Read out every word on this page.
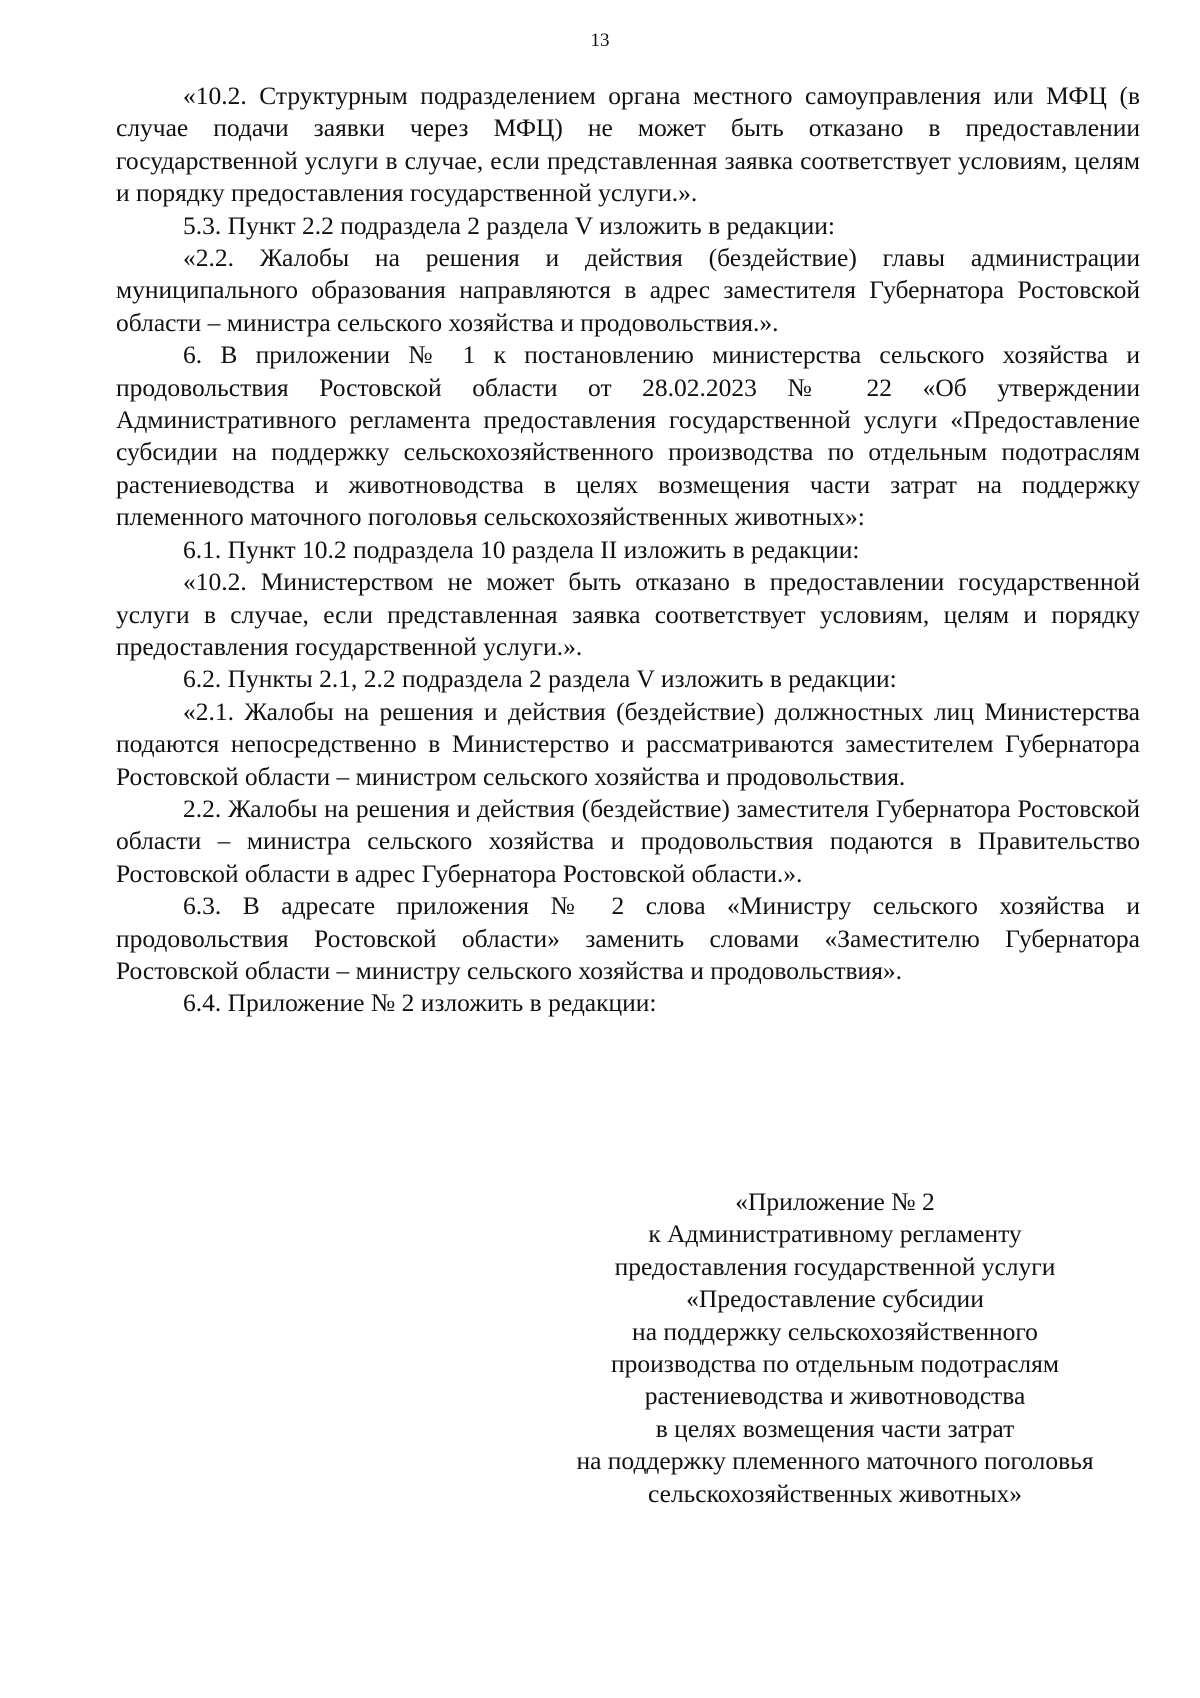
13

«10.2. Структурным подразделением органа местного самоуправления или МФЦ (в случае подачи заявки через МФЦ) не может быть отказано в предоставлении государственной услуги в случае, если представленная заявка соответствует условиям, целям и порядку предоставления государственной услуги.».

5.3. Пункт 2.2 подраздела 2 раздела V изложить в редакции:

«2.2. Жалобы на решения и действия (бездействие) главы администрации муниципального образования направляются в адрес заместителя Губернатора Ростовской области – министра сельского хозяйства и продовольствия.».

6. В приложении № 1 к постановлению министерства сельского хозяйства и продовольствия Ростовской области от 28.02.2023 № 22 «Об утверждении Административного регламента предоставления государственной услуги «Предоставление субсидии на поддержку сельскохозяйственного производства по отдельным подотраслям растениеводства и животноводства в целях возмещения части затрат на поддержку племенного маточного поголовья сельскохозяйственных животных»:

6.1. Пункт 10.2 подраздела 10 раздела II изложить в редакции:

«10.2. Министерством не может быть отказано в предоставлении государственной услуги в случае, если представленная заявка соответствует условиям, целям и порядку предоставления государственной услуги.».

6.2. Пункты 2.1, 2.2 подраздела 2 раздела V изложить в редакции:

«2.1. Жалобы на решения и действия (бездействие) должностных лиц Министерства подаются непосредственно в Министерство и рассматриваются заместителем Губернатора Ростовской области – министром сельского хозяйства и продовольствия.

2.2. Жалобы на решения и действия (бездействие) заместителя Губернатора Ростовской области – министра сельского хозяйства и продовольствия подаются в Правительство Ростовской области в адрес Губернатора Ростовской области.».

6.3. В адресате приложения № 2 слова «Министру сельского хозяйства и продовольствия Ростовской области» заменить словами «Заместителю Губернатора Ростовской области – министру сельского хозяйства и продовольствия».

6.4. Приложение № 2 изложить в редакции:

«Приложение № 2
к Административному регламенту
предоставления государственной услуги
«Предоставление субсидии
на поддержку сельскохозяйственного
производства по отдельным подотраслям
растениеводства и животноводства
в целях возмещения части затрат
на поддержку племенного маточного поголовья
сельскохозяйственных животных»
